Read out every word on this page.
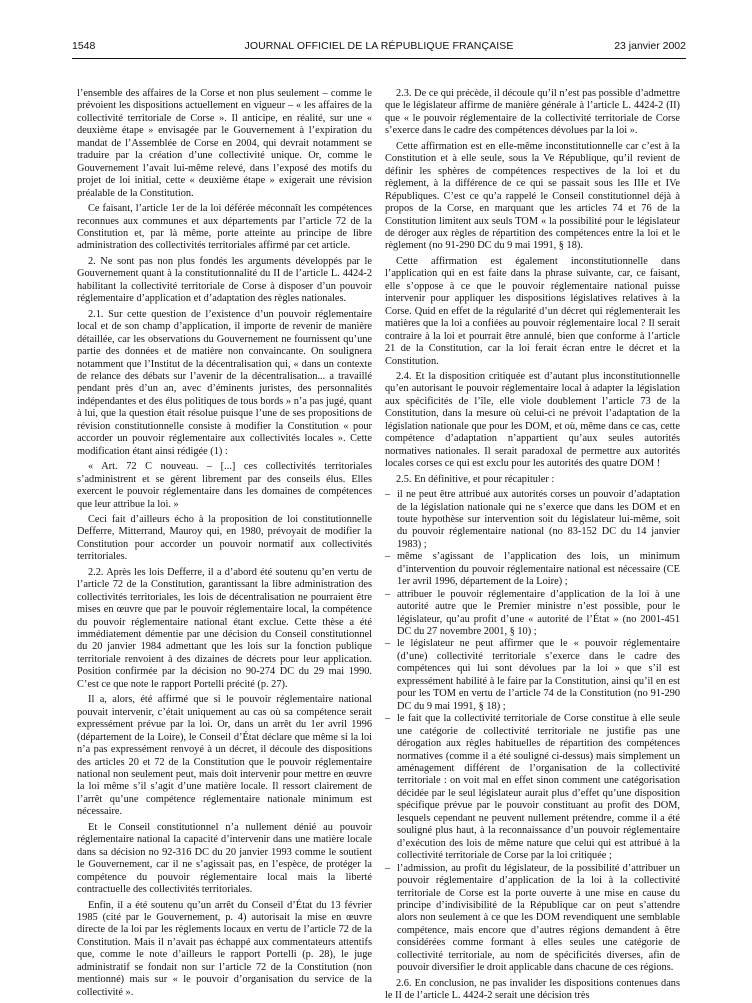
1548	JOURNAL OFFICIEL DE LA RÉPUBLIQUE FRANÇAISE	23 janvier 2002

l’ensemble des affaires de la Corse et non plus seulement – comme le prévoient les dispositions actuellement en vigueur – « les affaires de la collectivité territoriale de Corse ». Il anticipe, en réalité, sur une « deuxième étape » envisagée par le Gouvernement à l’expiration du mandat de l’Assemblée de Corse en 2004, qui devrait notamment se traduire par la création d’une collectivité unique. Or, comme le Gouvernement l’avait lui-même relevé, dans l’exposé des motifs du projet de loi initial, cette « deuxième étape » exigerait une révision préalable de la Constitution.

Ce faisant, l’article 1er de la loi déférée méconnaît les compétences reconnues aux communes et aux départements par l’article 72 de la Constitution et, par là même, porte atteinte au principe de libre administration des collectivités territoriales affirmé par cet article.

2. Ne sont pas non plus fondés les arguments développés par le Gouvernement quant à la constitutionnalité du II de l’article L. 4424-2 habilitant la collectivité territoriale de Corse à disposer d’un pouvoir réglementaire d’application et d’adaptation des règles nationales.

2.1. Sur cette question de l’existence d’un pouvoir réglementaire local et de son champ d’application, il importe de revenir de manière détaillée, car les observations du Gouvernement ne fournissent qu’une partie des données et de matière non convaincante. On soulignera notamment que l’Institut de la décentralisation qui, « dans un contexte de relance des débats sur l’avenir de la décentralisation... a travaillé pendant près d’un an, avec d’éminents juristes, des personnalités indépendantes et des élus politiques de tous bords » n’a pas jugé, quant à lui, que la question était résolue puisque l’une de ses propositions de révision constitutionnelle consiste à modifier la Constitution « pour accorder un pouvoir réglementaire aux collectivités locales ». Cette modification étant ainsi rédigée (1) :

« Art. 72 C nouveau. – [...] ces collectivités territoriales s’administrent et se gèrent librement par des conseils élus. Elles exercent le pouvoir réglementaire dans les domaines de compétences que leur attribue la loi. »

Ceci fait d’ailleurs écho à la proposition de loi constitutionnelle Defferre, Mitterrand, Mauroy qui, en 1980, prévoyait de modifier la Constitution pour accorder un pouvoir normatif aux collectivités territoriales.

2.2. Après les lois Defferre, il a d’abord été soutenu qu’en vertu de l’article 72 de la Constitution, garantissant la libre administration des collectivités territoriales, les lois de décentralisation ne pourraient être mises en œuvre que par le pouvoir réglementaire local, la compétence du pouvoir réglementaire national étant exclue. Cette thèse a été immédiatement démentie par une décision du Conseil constitutionnel du 20 janvier 1984 admettant que les lois sur la fonction publique territoriale renvoient à des dizaines de décrets pour leur application. Position confirmée par la décision no 90-274 DC du 29 mai 1990. C’est ce que note le rapport Portelli précité (p. 27).

Il a, alors, été affirmé que si le pouvoir réglementaire national pouvait intervenir, c’était uniquement au cas où sa compétence serait expressément prévue par la loi. Or, dans un arrêt du 1er avril 1996 (département de la Loire), le Conseil d’État déclare que même si la loi n’a pas expressément renvoyé à un décret, il découle des dispositions des articles 20 et 72 de la Constitution que le pouvoir réglementaire national non seulement peut, mais doit intervenir pour mettre en œuvre la loi même s’il s’agit d’une matière locale. Il ressort clairement de l’arrêt qu’une compétence réglementaire nationale minimum est nécessaire.

Et le Conseil constitutionnel n’a nullement dénié au pouvoir réglementaire national la capacité d’intervenir dans une matière locale dans sa décision no 92-316 DC du 20 janvier 1993 comme le soutient le Gouvernement, car il ne s’agissait pas, en l’espèce, de protéger la compétence du pouvoir réglementaire local mais la liberté contractuelle des collectivités territoriales.

Enfin, il a été soutenu qu’un arrêt du Conseil d’État du 13 février 1985 (cité par le Gouvernement, p. 4) autorisait la mise en œuvre directe de la loi par les règlements locaux en vertu de l’article 72 de la Constitution. Mais il n’avait pas échappé aux commentateurs attentifs que, comme le note d’ailleurs le rapport Portelli (p. 28), le juge administratif se fondait non sur l’article 72 de la Constitution (non mentionné) mais sur « le pouvoir d’organisation du service de la collectivité ».

2.3. De ce qui précède, il découle qu’il n’est pas possible d’admettre que le législateur affirme de manière générale à l’article L. 4424-2 (II) que « le pouvoir réglementaire de la collectivité territoriale de Corse s’exerce dans le cadre des compétences dévolues par la loi ».

Cette affirmation est en elle-même inconstitutionnelle car c’est à la Constitution et à elle seule, sous la Ve République, qu’il revient de définir les sphères de compétences respectives de la loi et du règlement, à la différence de ce qui se passait sous les IIIe et IVe Républiques. C’est ce qu’a rappelé le Conseil constitutionnel déjà à propos de la Corse, en marquant que les articles 74 et 76 de la Constitution limitent aux seuls TOM « la possibilité pour le législateur de déroger aux règles de répartition des compétences entre la loi et le règlement (no 91-290 DC du 9 mai 1991, § 18).

Cette affirmation est également inconstitutionnelle dans l’application qui en est faite dans la phrase suivante, car, ce faisant, elle s’oppose à ce que le pouvoir réglementaire national puisse intervenir pour appliquer les dispositions législatives relatives à la Corse. Quid en effet de la régularité d’un décret qui réglementerait les matières que la loi a confiées au pouvoir réglementaire local ? Il serait contraire à la loi et pourrait être annulé, bien que conforme à l’article 21 de la Constitution, car la loi ferait écran entre le décret et la Constitution.

2.4. Et la disposition critiquée est d’autant plus inconstitutionnelle qu’en autorisant le pouvoir réglementaire local à adapter la législation aux spécificités de l’île, elle viole doublement l’article 73 de la Constitution, dans la mesure où celui-ci ne prévoit l’adaptation de la législation nationale que pour les DOM, et où, même dans ce cas, cette compétence d’adaptation n’appartient qu’aux seules autorités normatives nationales. Il serait paradoxal de permettre aux autorités locales corses ce qui est exclu pour les autorités des quatre DOM !

2.5. En définitive, et pour récapituler :

– il ne peut être attribué aux autorités corses un pouvoir d’adaptation de la législation nationale qui ne s’exerce que dans les DOM et en toute hypothèse sur intervention soit du législateur lui-même, soit du pouvoir réglementaire national (no 83-152 DC du 14 janvier 1983) ;
– même s’agissant de l’application des lois, un minimum d’intervention du pouvoir réglementaire national est nécessaire (CE 1er avril 1996, département de la Loire) ;
– attribuer le pouvoir réglementaire d’application de la loi à une autorité autre que le Premier ministre n’est possible, pour le législateur, qu’au profit d’une « autorité de l’État » (no 2001-451 DC du 27 novembre 2001, § 10) ;
– le législateur ne peut affirmer que le « pouvoir réglementaire (d’une) collectivité territoriale s’exerce dans le cadre des compétences qui lui sont dévolues par la loi » que s’il est expressément habilité à le faire par la Constitution, ainsi qu’il en est pour les TOM en vertu de l’article 74 de la Constitution (no 91-290 DC du 9 mai 1991, § 18) ;
– le fait que la collectivité territoriale de Corse constitue à elle seule une catégorie de collectivité territoriale ne justifie pas une dérogation aux règles habituelles de répartition des compétences normatives (comme il a été souligné ci-dessus) mais simplement un aménagement différent de l’organisation de la collectivité territoriale : on voit mal en effet sinon comment une catégorisation décidée par le seul législateur aurait plus d’effet qu’une disposition spécifique prévue par le pouvoir constituant au profit des DOM, lesquels cependant ne peuvent nullement prétendre, comme il a été souligné plus haut, à la reconnaissance d’un pouvoir réglementaire d’exécution des lois de même nature que celui qui est attribué à la collectivité territoriale de Corse par la loi critiquée ;
– l’admission, au profit du législateur, de la possibilité d’attribuer un pouvoir réglementaire d’application de la loi à la collectivité territoriale de Corse est la porte ouverte à une mise en cause du principe d’indivisibilité de la République car on peut s’attendre alors non seulement à ce que les DOM revendiquent une semblable compétence, mais encore que d’autres régions demandent à être considérées comme formant à elles seules une catégorie de collectivité territoriale, au nom de spécificités diverses, afin de pouvoir diversifier le droit applicable dans chacune de ces régions.

2.6. En conclusion, ne pas invalider les dispositions contenues dans le II de l’article L. 4424-2 serait une décision très
